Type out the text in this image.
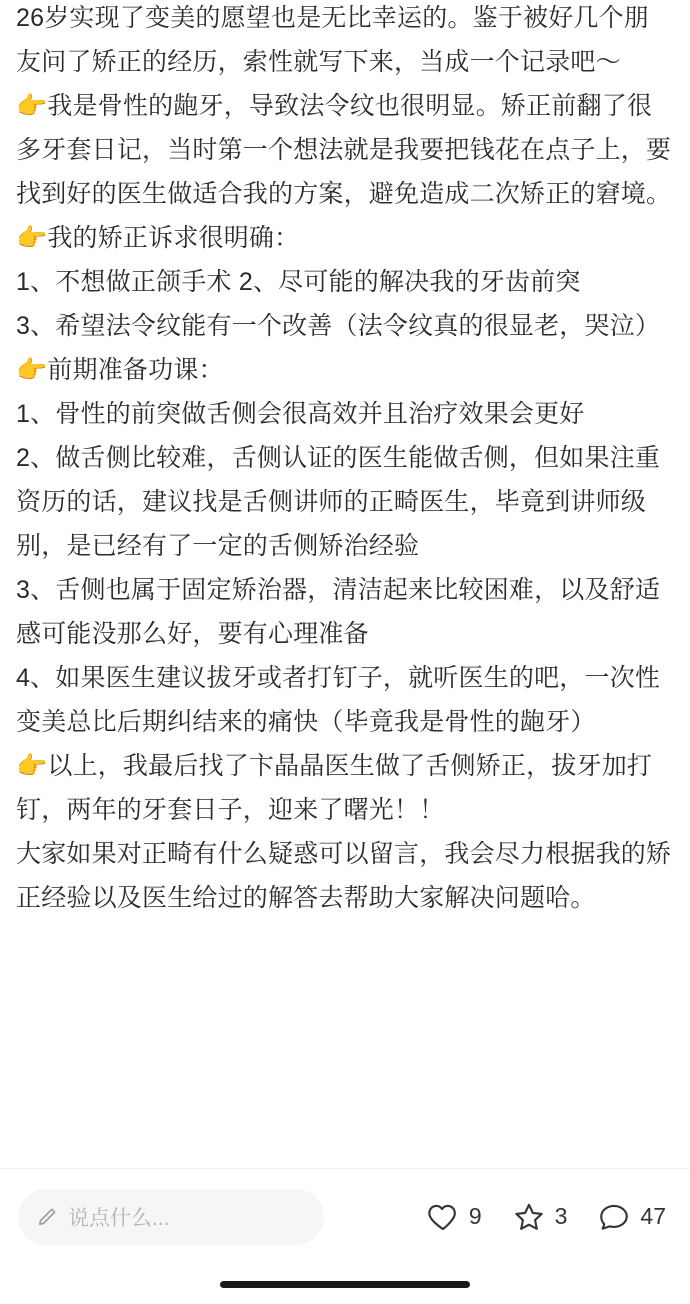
26岁实现了变美的愿望也是无比幸运的。鉴于被好几个朋友问了矫正的经历，索性就写下来，当成一个记录吧～

👉我是骨性的龅牙，导致法令纹也很明显。矫正前翻了很多牙套日记，当时第一个想法就是我要把钱花在点子上，要找到好的医生做适合我的方案，避免造成二次矫正的窘境。

👉我的矫正诉求很明确：

1、不想做正颌手术 2、尽可能的解决我的牙齿前突

3、希望法令纹能有一个改善（法令纹真的很显老，哭泣）

👉前期准备功课：

1、骨性的前突做舌侧会很高效并且治疗效果会更好

2、做舌侧比较难，舌侧认证的医生能做舌侧，但如果注重资历的话，建议找是舌侧讲师的正畸医生，毕竟到讲师级别，是已经有了一定的舌侧矫治经验

3、舌侧也属于固定矫治器，清洁起来比较困难，以及舒适感可能没那么好，要有心理准备

4、如果医生建议拔牙或者打钉子，就听医生的吧，一次性变美总比后期纠结来的痛快（毕竟我是骨性的龅牙）

👉以上，我最后找了卞晶晶医生做了舌侧矫正，拔牙加打钉，两年的牙套日子，迎来了曙光！！

大家如果对正畸有什么疑惑可以留言，我会尽力根据我的矫正经验以及医生给过的解答去帮助大家解决问题哈。

说点什么...	9	3	47
